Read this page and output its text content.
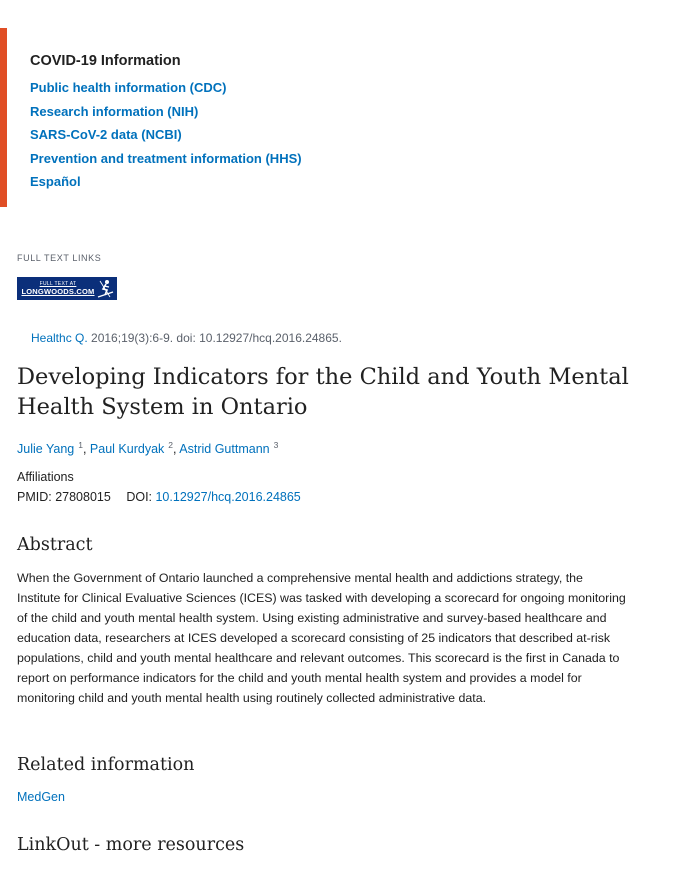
COVID-19 Information
Public health information (CDC)
Research information (NIH)
SARS-CoV-2 data (NCBI)
Prevention and treatment information (HHS)
Español
FULL TEXT LINKS
FULL TEXT AT
LONGWOODS.COM
Healthc Q. 2016;19(3):6-9. doi: 10.12927/hcq.2016.24865.
Developing Indicators for the Child and Youth Mental Health System in Ontario
Julie Yang $^1$, Paul Kurdyak $^2$, Astrid Guttmann $^3$
Affiliations
PMID: 27808015 DOI: 10.12927/hcq.2016.24865
Abstract

When the Government of Ontario launched a comprehensive mental health and addictions strategy, the Institute for Clinical Evaluative Sciences (ICES) was tasked with developing a scorecard for ongoing monitoring of the child and youth mental health system. Using existing administrative and survey-based healthcare and education data, researchers at ICES developed a scorecard consisting of 25 indicators that described at-risk populations, child and youth mental healthcare and relevant outcomes. This scorecard is the first in Canada to report on performance indicators for the child and youth mental health system and provides a model for monitoring child and youth mental health using routinely collected administrative data.

Related information
MedGen
LinkOut - more resources
